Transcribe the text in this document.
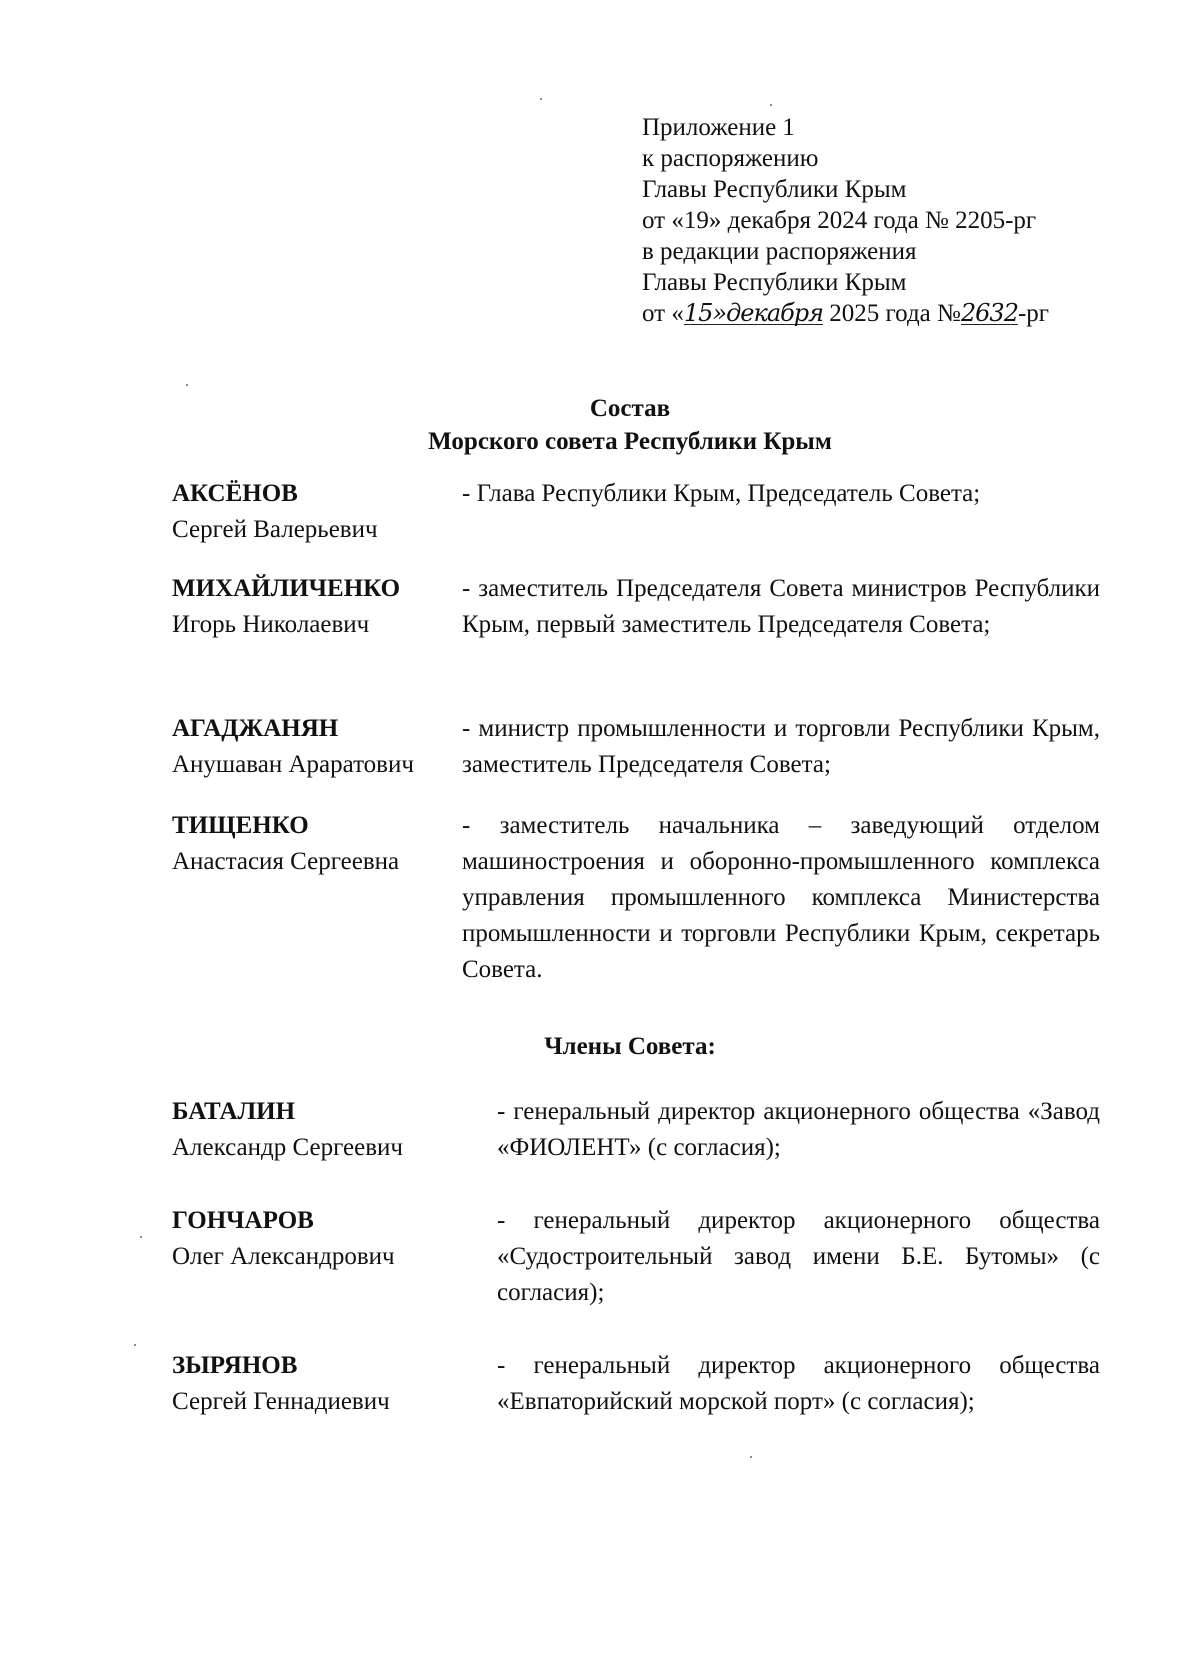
Приложение 1
к распоряжению
Главы Республики Крым
от «19» декабря 2024 года № 2205-рг
в редакции распоряжения
Главы Республики Крым
от «15»декабря 2025 года №2632-рг
Состав
Морского совета Республики Крым
АКСЁНОВ
Сергей Валерьевич
- Глава Республики Крым, Председатель Совета;
МИХАЙЛИЧЕНКО
Игорь Николаевич
- заместитель Председателя Совета министров Республики Крым, первый заместитель Председателя Совета;
АГАДЖАНЯН
Анушаван Араратович
- министр промышленности и торговли Республики Крым, заместитель Председателя Совета;
ТИЩЕНКО
Анастасия Сергеевна
- заместитель начальника – заведующий отделом машиностроения и оборонно-промышленного комплекса управления промышленного комплекса Министерства промышленности и торговли Республики Крым, секретарь Совета.
Члены Совета:
БАТАЛИН
Александр Сергеевич
- генеральный директор акционерного общества «Завод «ФИОЛЕНТ» (с согласия);
ГОНЧАРОВ
Олег Александрович
- генеральный директор акционерного общества «Судостроительный завод имени Б.Е. Бутомы» (с согласия);
ЗЫРЯНОВ
Сергей Геннадиевич
- генеральный директор акционерного общества «Евпаторийский морской порт» (с согласия);
